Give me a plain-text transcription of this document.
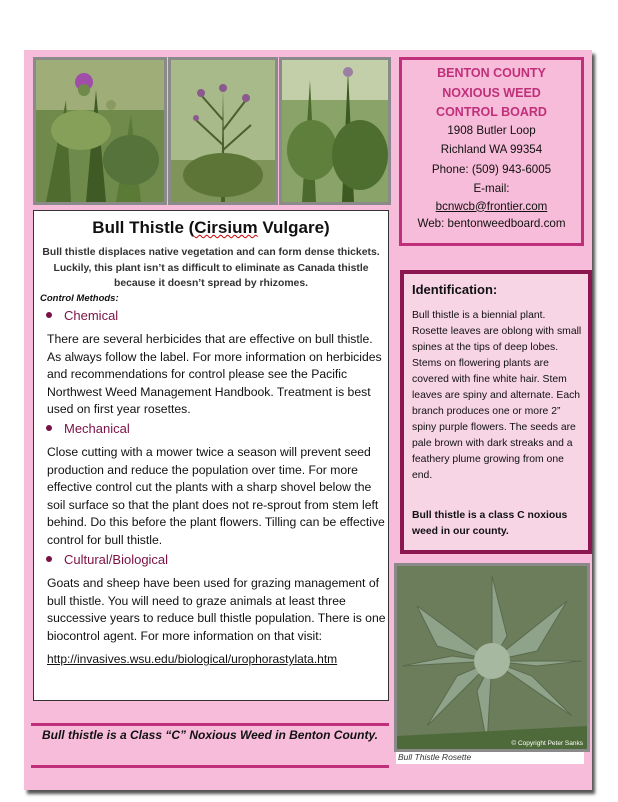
Bull Thistle (Cirsium Vulgare)
Bull thistle displaces native vegetation and can form dense thickets. Luckily, this plant isn’t as difficult to eliminate as Canada thistle because it doesn’t spread by rhizomes.
Control Methods:
Chemical
There are several herbicides that are effective on bull thistle. As always follow the label. For more information on herbicides and recommendations for control please see the Pacific Northwest Weed Management Handbook. Treatment is best used on first year rosettes.
Mechanical
Close cutting with a mower twice a season will prevent seed production and reduce the population over time. For more effective control cut the plants with a sharp shovel below the soil surface so that the plant does not re-sprout from stem left behind. Do this before the plant flowers. Tilling can be effective control for bull thistle.
Cultural/Biological
Goats and sheep have been used for grazing management of bull thistle. You will need to graze animals at least three successive years to reduce bull thistle population. There is one biocontrol agent. For more information on that visit:
http://invasives.wsu.edu/biological/urophorastylata.htm
BENTON COUNTY
NOXIOUS WEED
CONTROL BOARD
1908 Butler Loop
Richland WA 99354
Phone: (509) 943-6005
E-mail:
bcnwcb@frontier.com
Web: bentonweedboard.com
Identification:
Bull thistle is a biennial plant. Rosette leaves are oblong with small spines at the tips of deep lobes. Stems on flowering plants are covered with fine white hair. Stem leaves are spiny and alternate. Each branch produces one or more 2” spiny purple flowers. The seeds are pale brown with dark streaks and a feathery plume growing from one end.
Bull thistle is a class C noxious weed in our county.
© Copyright Peter Sanks
Bull Thistle Rosette
Bull thistle is a Class “C” Noxious Weed in Benton County.
